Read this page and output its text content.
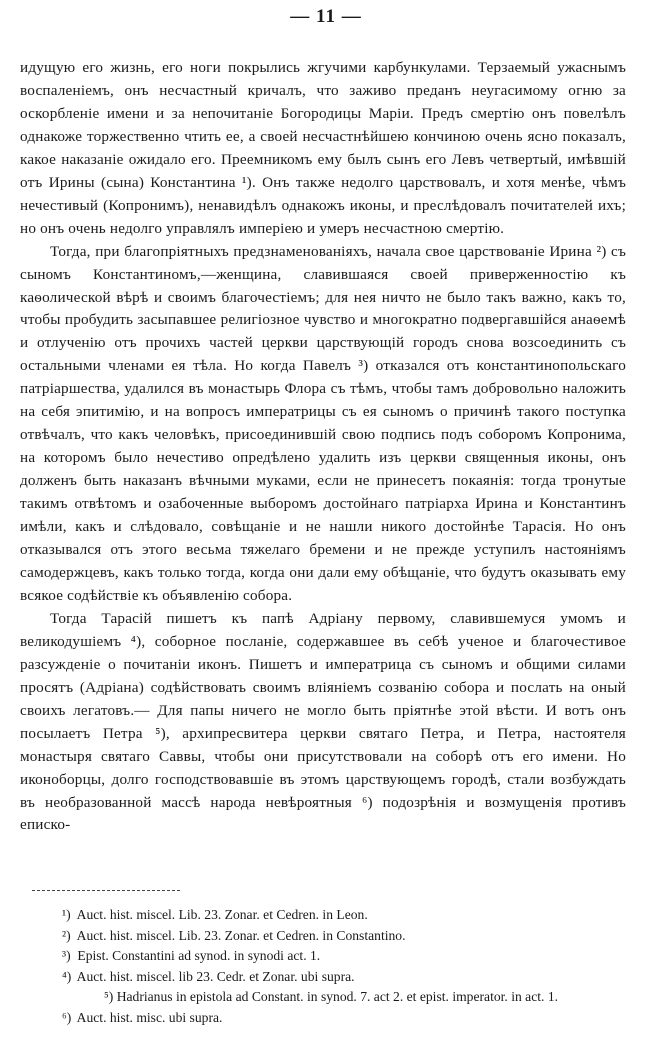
— 11 —

идущую его жизнь, его ноги покрылись жгучими карбункулами. Терзаемый ужаснымъ воспаленіемъ, онъ несчастный кричалъ, что заживо преданъ неугасимому огню за оскорбленіе имени и за непочитаніе Богородицы Маріи. Предъ смертію онъ повелѣлъ однакоже торжественно чтить ее, а своей несчастнѣйшею кончиною очень ясно показалъ, какое наказаніе ожидало его. Преемникомъ ему былъ сынъ его Левъ четвертый, имѣвшій отъ Ирины (сына) Константина ¹). Онъ также недолго царствовалъ, и хотя менѣе, чѣмъ нечестивый (Копронимъ), ненавидѣлъ однакожъ иконы, и преслѣдовалъ почитателей ихъ; но онъ очень недолго управлялъ имперіею и умеръ несчастною смертію.

Тогда, при благопріятныхъ предзнаменованіяхъ, начала свое царствованіе Ирина ²) съ сыномъ Константиномъ,—женщина, славившаяся своей приверженностію къ каѳолической вѣрѣ и своимъ благочестіемъ; для нея ничто не было такъ важно, какъ то, чтобы пробудить засыпавшее религіозное чувство и многократно подвергавшійся анаѳемѣ и отлученію отъ прочихъ частей церкви царствующій городъ снова возсоединить съ остальными членами ея тѣла. Но когда Павелъ ³) отказался отъ константинопольскаго патріаршества, удалился въ монастырь Флора съ тѣмъ, чтобы тамъ добровольно наложить на себя эпитимію, и на вопросъ императрицы съ ея сыномъ о причинѣ такого поступка отвѣчалъ, что какъ человѣкъ, присоединившій свою подпись подъ соборомъ Копронима, на которомъ было нечестиво опредѣлено удалить изъ церкви священныя иконы, онъ долженъ быть наказанъ вѣчными муками, если не принесетъ покаянія: тогда тронутые такимъ отвѣтомъ и озабоченные выборомъ достойнаго патріарха Ирина и Константинъ имѣли, какъ и слѣдовало, совѣщаніе и не нашли никого достойнѣе Тарасія. Но онъ отказывался отъ этого весьма тяжелаго бремени и не прежде уступилъ настояніямъ самодержцевъ, какъ только тогда, когда они дали ему обѣщаніе, что будутъ оказывать ему всякое содѣйствіе къ объявленію собора.

Тогда Тарасій пишетъ къ папѣ Адріану первому, славившемуся умомъ и великодушіемъ ⁴), соборное посланіе, содержавшее въ себѣ ученое и благочестивое разсужденіе о почитаніи иконъ. Пишетъ и императрица съ сыномъ и общими силами просятъ (Адріана) содѣйствовать своимъ вліяніемъ созванію собора и послать на оный своихъ легатовъ.— Для папы ничего не могло быть пріятнѣе этой вѣсти. И вотъ онъ посылаетъ Петра ⁵), архипресвитера церкви святаго Петра, и Петра, настоятеля монастыря святаго Саввы, чтобы они присутствовали на соборѣ отъ его имени. Но иконоборцы, долго господствовавшіе въ этомъ царствующемъ городѣ, стали возбуждать въ необразованной массѣ народа невѣроятныя ⁶) подозрѣнія и возмущенія противъ еписко-

¹) Auct. hist. miscel. Lib. 23. Zonar. et Cedren. in Leon.

²) Auct. hist. miscel. Lib. 23. Zonar. et Cedren. in Constantino.

³) Epist. Constantini ad synod. in synodi act. 1.

⁴) Auct. hist. miscel. lib 23. Cedr. et Zonar. ubi supra.

⁵) Hadrianus in epistola ad Constant. in synod. 7. act 2. et epist. imperator. in act. 1.

⁶) Auct. hist. misc. ubi supra.
